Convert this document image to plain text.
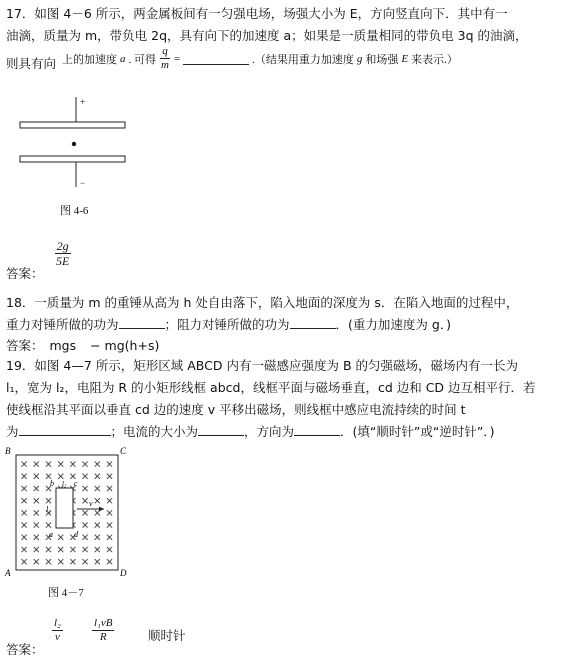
17．如图 4－6 所示，两金属板间有一匀强电场，场强大小为 E，方向竖直向下．其中有一
油滴，质量为 m，带负电 2q，具有向下的加速度 a；如果是一质量相同的带负电 3q 的油滴，
则具有向 上的加速度 a . 可得 $\frac{q}{m}$ =	.（结果用重力加速度 g 和场强 E 来表示.）
+
−
图 4-6
答案：
$\frac{2g}{5E}$
18．一质量为 m 的重锤从高为 h 处自由落下，陷入地面的深度为 s．在陷入地面的过程中，
重力对锤所做的功为	；阻力对锤所做的功为	．(重力加速度为 g．)
答案： mgs − mg(h+s)
19．如图 4—7 所示，矩形区域 ABCD 内有一磁感应强度为 B 的匀强磁场，磁场内有一长为
l₁，宽为 l₂，电阻为 R 的小矩形线框 abcd，线框平面与磁场垂直，cd 边和 CD 边互相平行．若
使线框沿其平面以垂直 cd 边的速度 v 平移出磁场，则线框中感应电流持续的时间 t
为	；电流的大小为	，方向为	．(填“顺时针”或“逆时针”．)
B	C
A	D
b	c
l₂
l₁
a	d
v
图 4－7
答案：
$\frac{\text{l₂}}{v}$	$\frac{\text{l₁vB}}{R}$	顺时针
